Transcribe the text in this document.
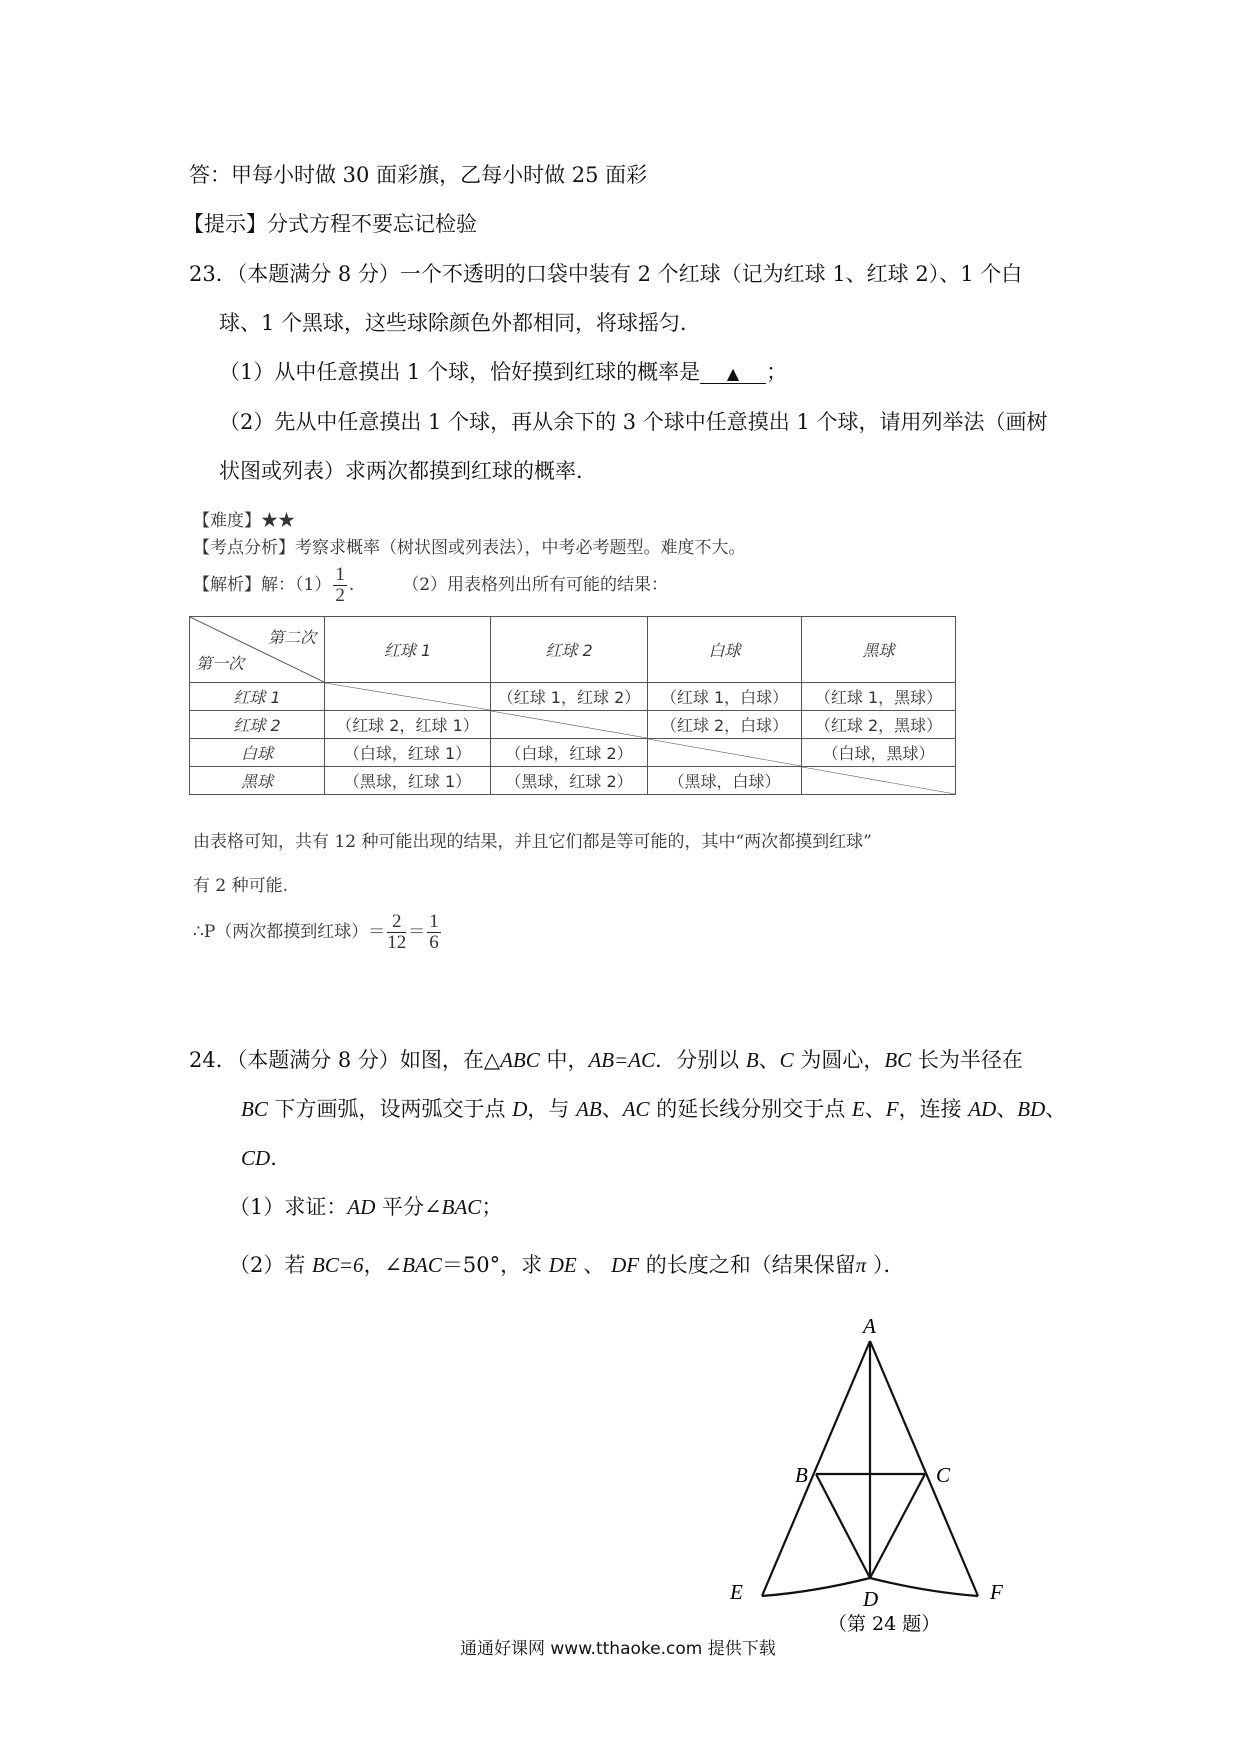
答：甲每小时做 30 面彩旗，乙每小时做 25 面彩
【提示】分式方程不要忘记检验
23．（本题满分 8 分）一个不透明的口袋中装有 2 个红球（记为红球 1、红球 2）、1 个白
球、1 个黑球，这些球除颜色外都相同，将球摇匀．
（1）从中任意摸出 1 个球，恰好摸到红球的概率是 ▲ ；
（2）先从中任意摸出 1 个球，再从余下的 3 个球中任意摸出 1 个球，请用列举法（画树
状图或列表）求两次都摸到红球的概率．
【难度】★★
【考点分析】考察求概率（树状图或列表法），中考必考题型。难度不大。
【解析】解：$(1) \frac{1}{2}$ .	（2）用表格列出所有可能的结果：
第二次
第一次	红球 1	红球 2	白球	黑球
红球 1		（红球 1，红球 2）	（红球 1，白球）	（红球 1，黑球）
红球 2	（红球 2，红球 1）		（红球 2，白球）	（红球 2，黑球）
白球	（白球，红球 1）	（白球，红球 2）		（白球，黑球）
黑球	（黑球，红球 1）	（黑球，红球 2）	（黑球，白球）	
由表格可知，共有 12 种可能出现的结果，并且它们都是等可能的，其中“两次都摸到红球”
有 2 种可能.
∴P（两次都摸到红球）＝ $\frac{2}{12} = \frac{1}{6}$
24．（本题满分 8 分）如图，在△ABC 中，AB=AC．分别以 B、C 为圆心，BC 长为半径在
BC 下方画弧，设两弧交于点 D，与 AB、AC 的延长线分别交于点 E、F，连接 AD、BD、
CD.
（1）求证：AD 平分∠BAC；
（2）若 BC=6，∠BAC＝50°，求 DE 、 DF 的长度之和（结果保留π ）．
A
B	C
D
E	F
（第 24 题）
通通好课网 www.tthaoke.com 提供下载
